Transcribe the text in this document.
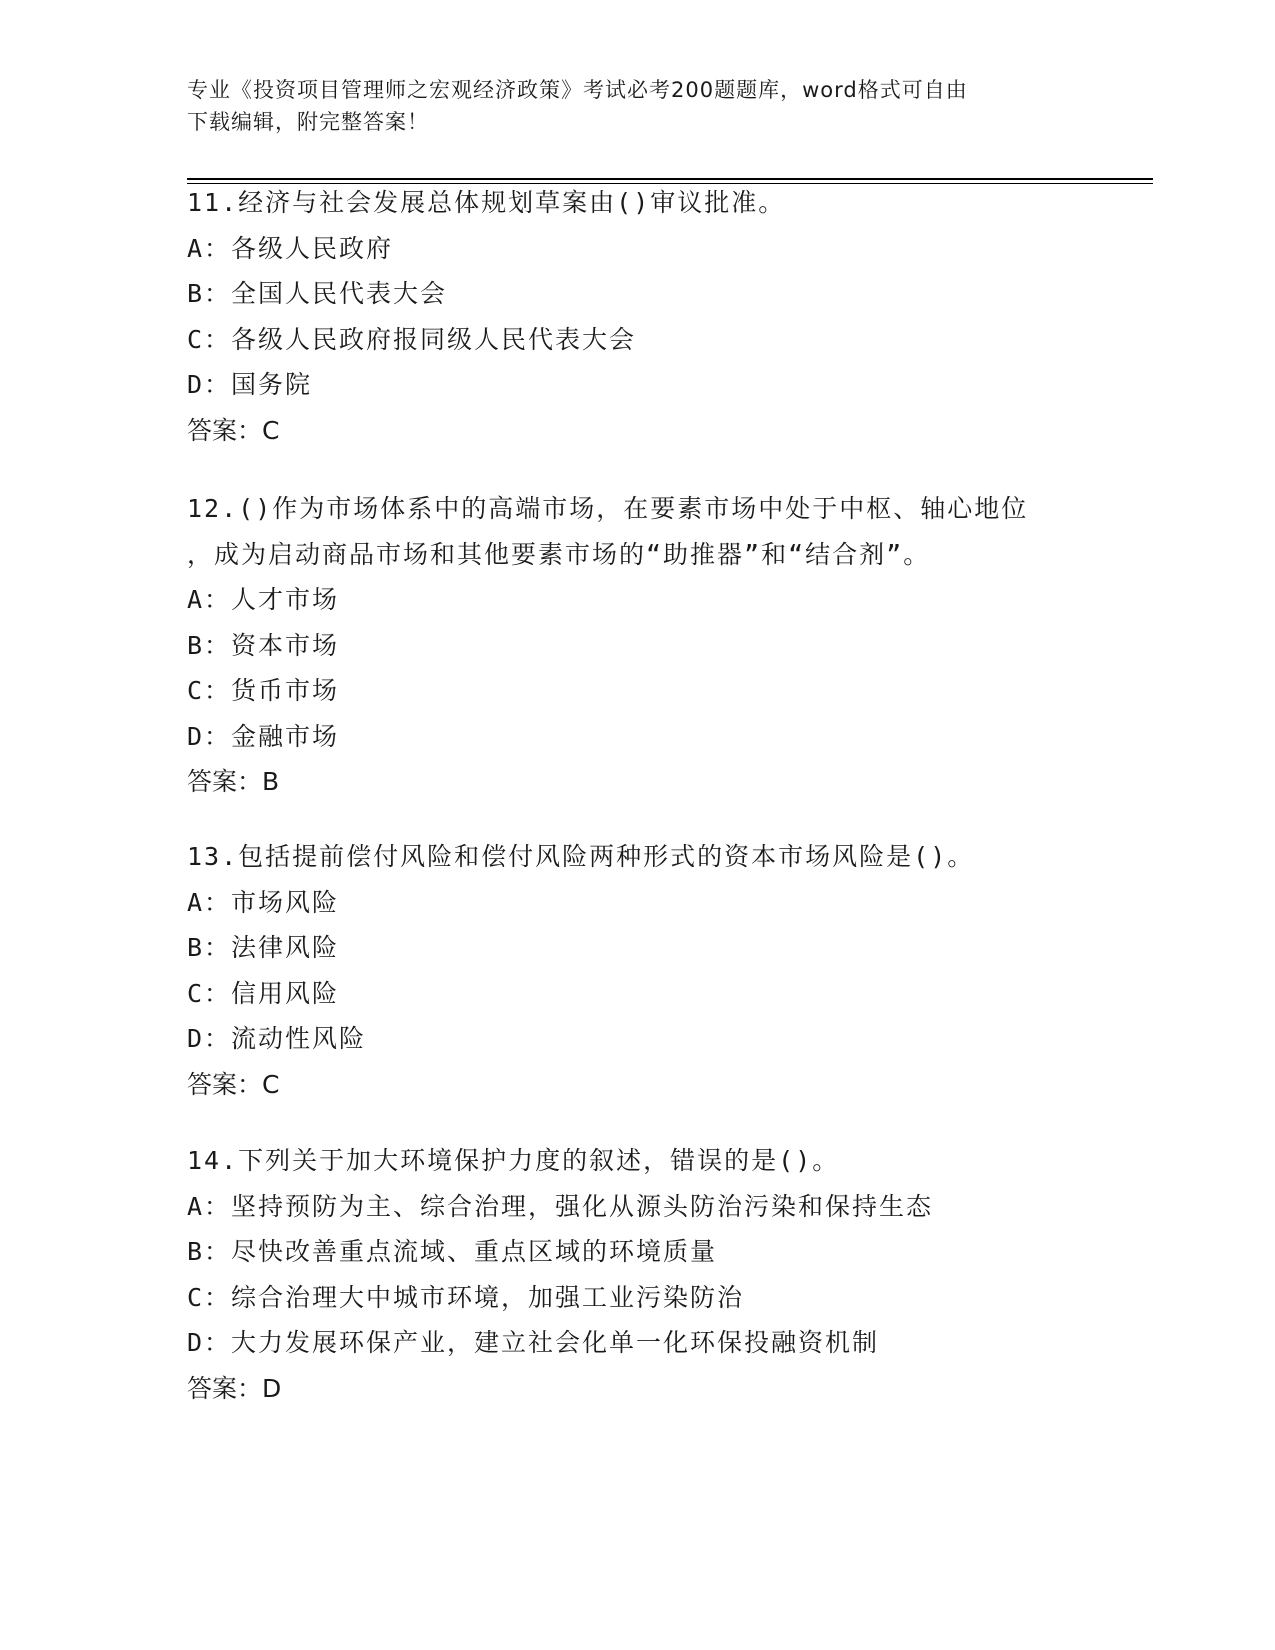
专业《投资项目管理师之宏观经济政策》考试必考200题题库，word格式可自由
下载编辑，附完整答案！
11.经济与社会发展总体规划草案由()审议批准。
A：各级人民政府
B：全国人民代表大会
C：各级人民政府报同级人民代表大会
D：国务院
答案：C
12.()作为市场体系中的高端市场，在要素市场中处于中枢、轴心地位
，成为启动商品市场和其他要素市场的“助推器”和“结合剂”。
A：人才市场
B：资本市场
C：货币市场
D：金融市场
答案：B
13.包括提前偿付风险和偿付风险两种形式的资本市场风险是()。
A：市场风险
B：法律风险
C：信用风险
D：流动性风险
答案：C
14.下列关于加大环境保护力度的叙述，错误的是()。
A：坚持预防为主、综合治理，强化从源头防治污染和保持生态
B：尽快改善重点流域、重点区域的环境质量
C：综合治理大中城市环境，加强工业污染防治
D：大力发展环保产业，建立社会化单一化环保投融资机制
答案：D
